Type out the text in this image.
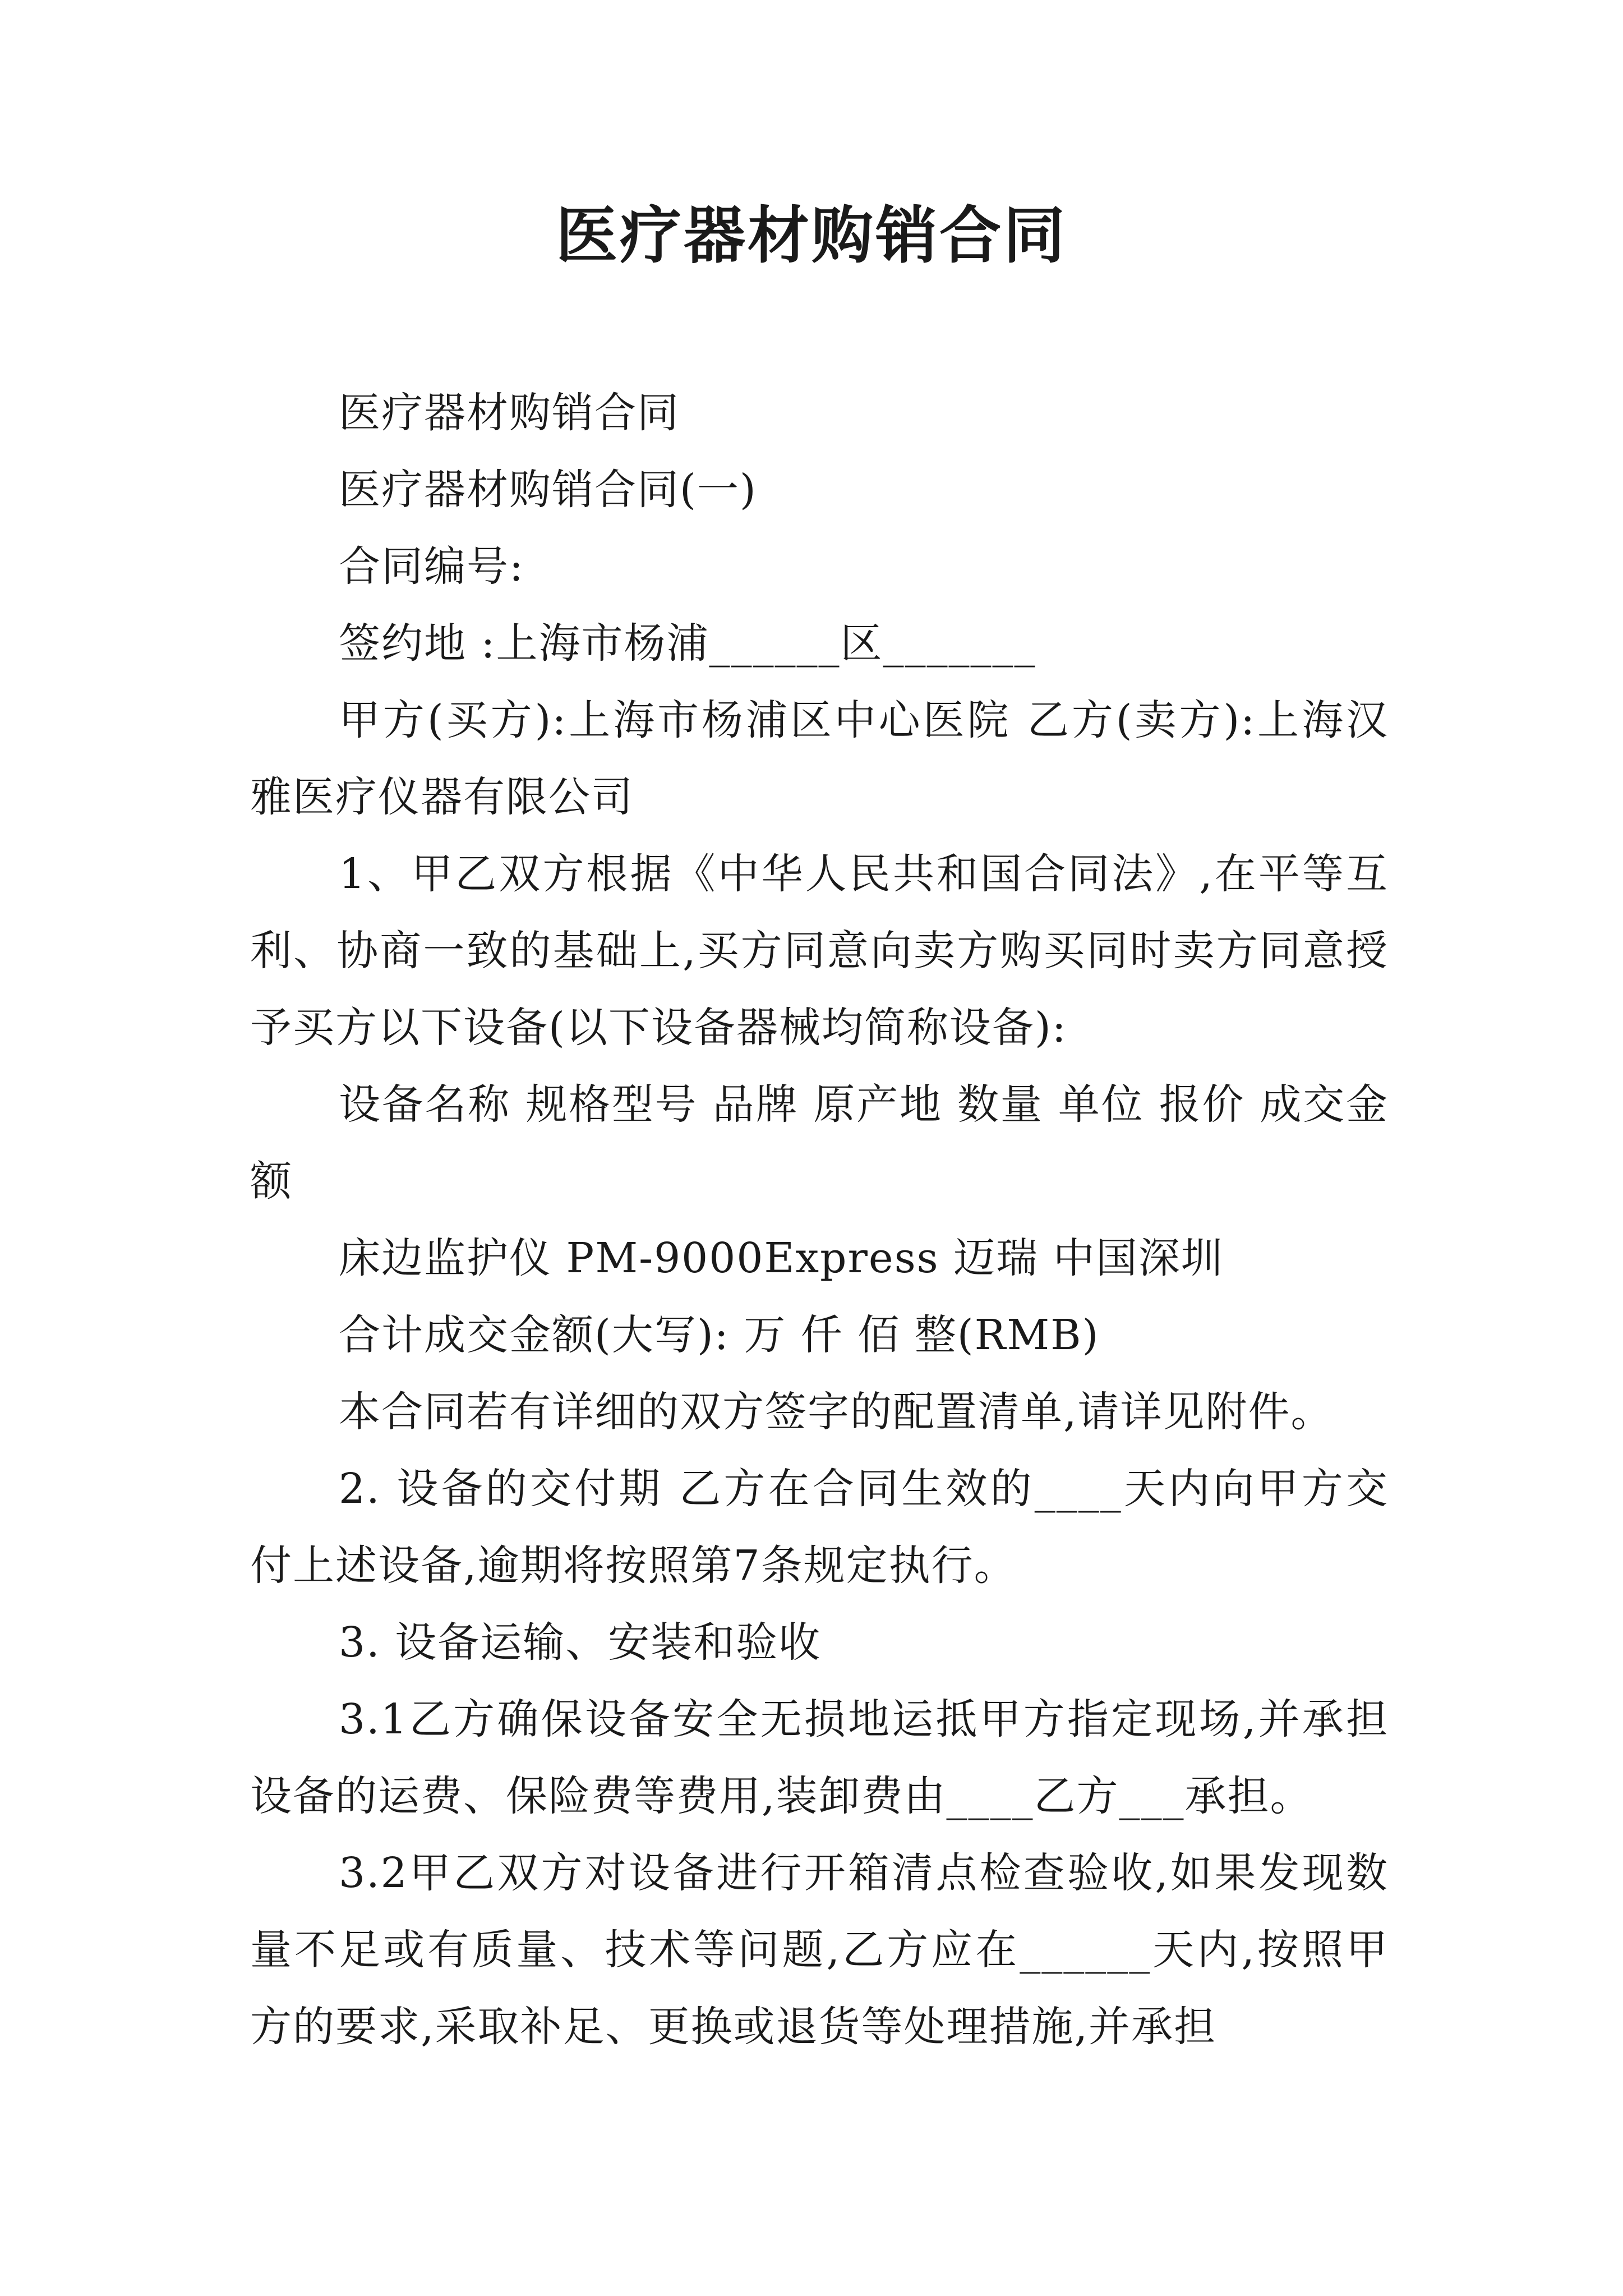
医疗器材购销合同

医疗器材购销合同

医疗器材购销合同(一)

合同编号:

签约地 :上海市杨浦______区_______

甲方(买方):上海市杨浦区中心医院 乙方(卖方):上海汉雅医疗仪器有限公司

1、甲乙双方根据《中华人民共和国合同法》,在平等互利、协商一致的基础上,买方同意向卖方购买同时卖方同意授予买方以下设备(以下设备器械均简称设备):

设备名称 规格型号 品牌 原产地 数量 单位 报价 成交金额

床边监护仪 PM-9000Express 迈瑞 中国深圳

合计成交金额(大写): 万 仟 佰 整(RMB)

本合同若有详细的双方签字的配置清单,请详见附件。

2. 设备的交付期 乙方在合同生效的____天内向甲方交付上述设备,逾期将按照第7条规定执行。

3. 设备运输、安装和验收

3.1乙方确保设备安全无损地运抵甲方指定现场,并承担设备的运费、保险费等费用,装卸费由____乙方___承担。

3.2甲乙双方对设备进行开箱清点检查验收,如果发现数量不足或有质量、技术等问题,乙方应在______天内,按照甲方的要求,采取补足、更换或退货等处理措施,并承担
